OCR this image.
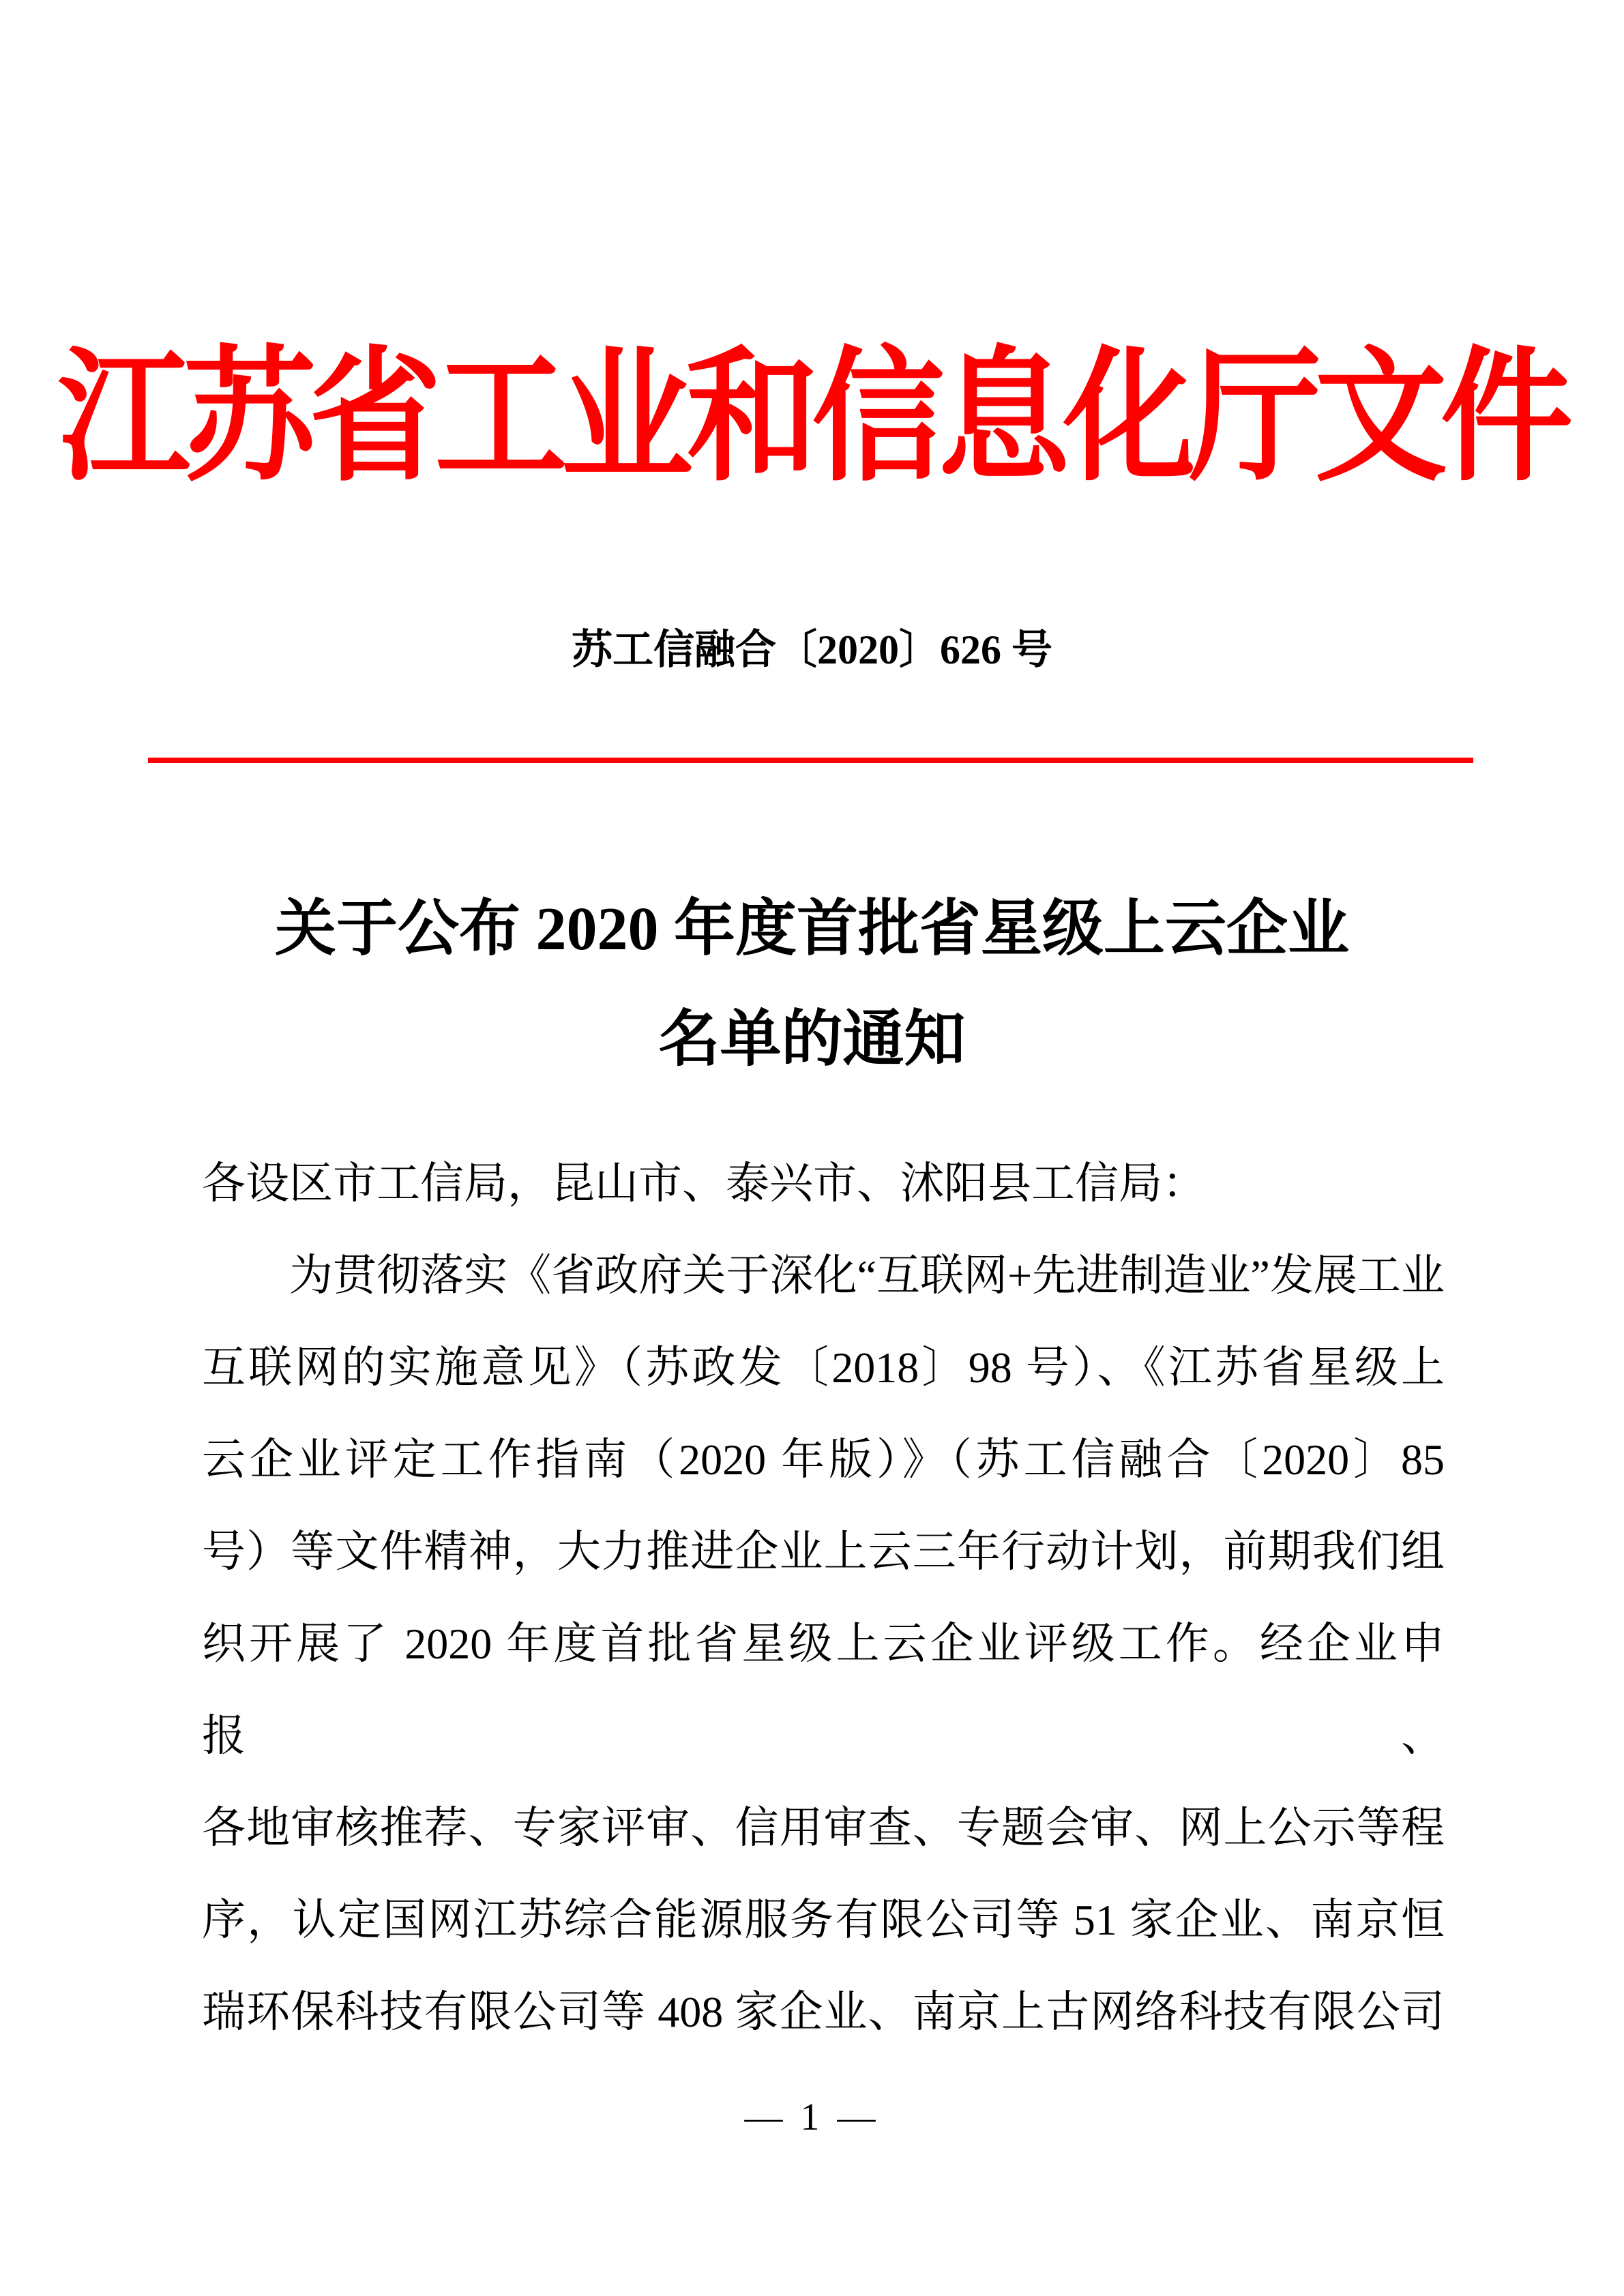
江苏省工业和信息化厅文件
苏工信融合〔2020〕626 号
关于公布 2020 年度首批省星级上云企业
名单的通知
各设区市工信局，昆山市、泰兴市、沭阳县工信局：
为贯彻落实《省政府关于深化“互联网+先进制造业”发展工业
互联网的实施意见》（苏政发〔2018〕98 号）、《江苏省星级上
云企业评定工作指南（2020 年版）》（苏工信融合〔2020〕85
号）等文件精神，大力推进企业上云三年行动计划，前期我们组
织开展了 2020 年度首批省星级上云企业评级工作。经企业申报、
各地审核推荐、专家评审、信用审查、专题会审、网上公示等程
序，认定国网江苏综合能源服务有限公司等 51 家企业、南京恒
瑞环保科技有限公司等 408 家企业、南京上古网络科技有限公司
— 1 —
